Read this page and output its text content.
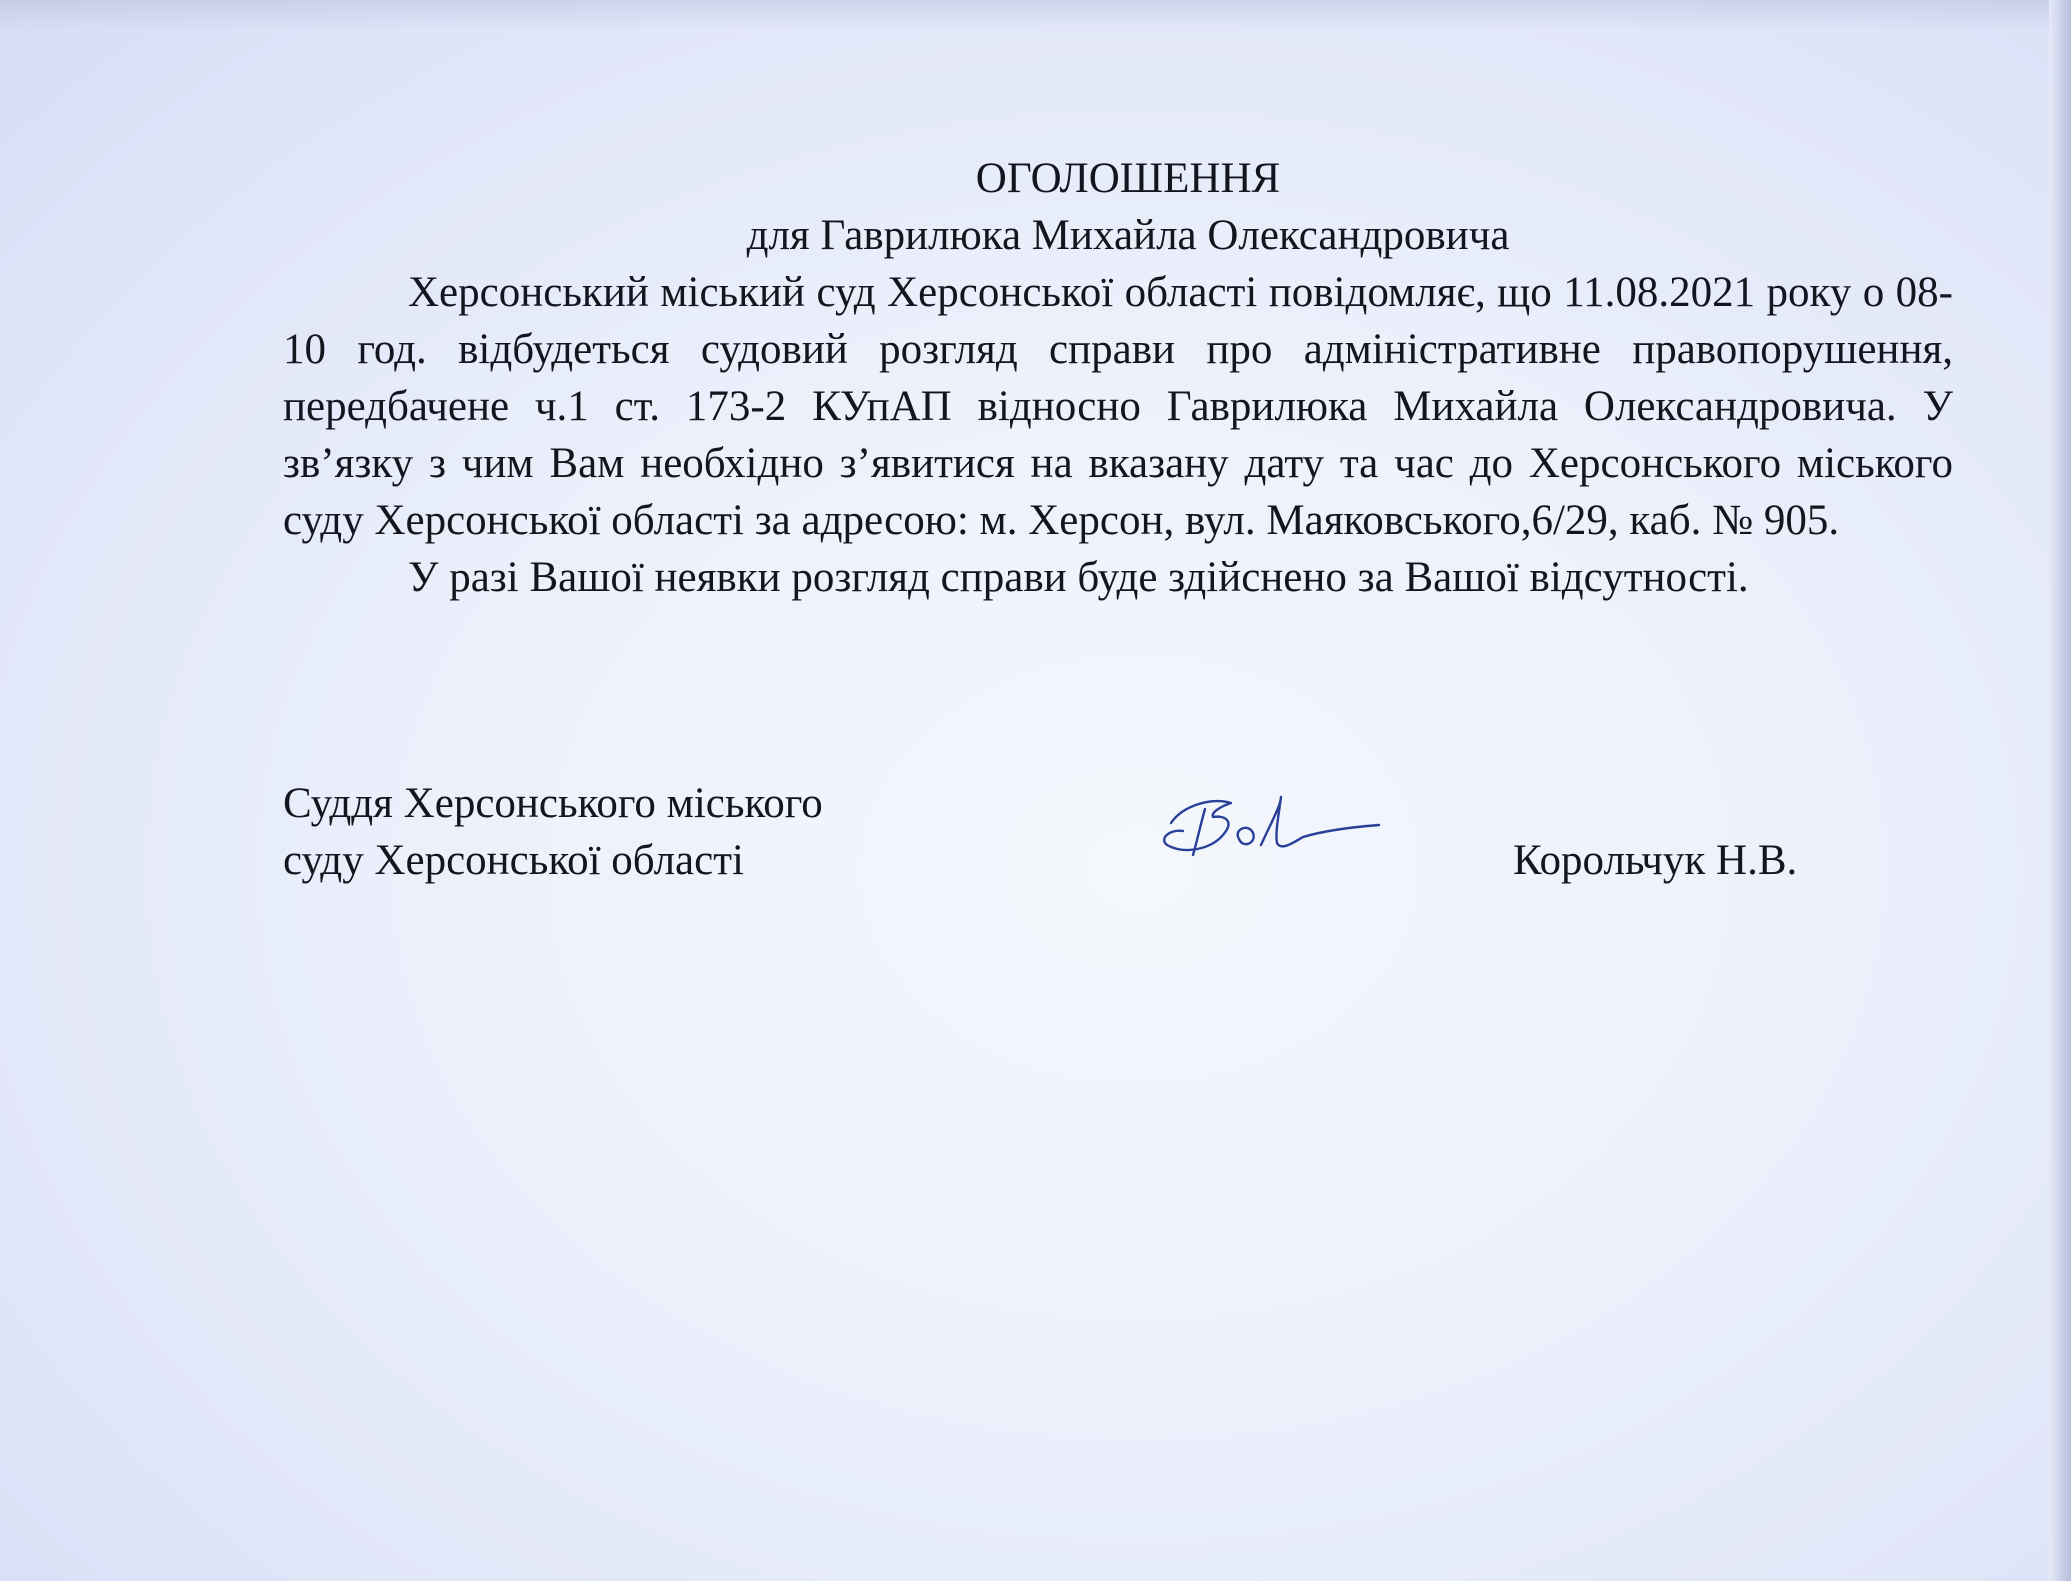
ОГОЛОШЕННЯ

для Гаврилюка Михайла Олександровича

Херсонський міський суд Херсонської області повідомляє, що 11.08.2021 року о 08-10 год. відбудеться судовий розгляд справи про адміністративне правопорушення, передбачене ч.1 ст. 173-2 КУпАП відносно Гаврилюка Михайла Олександровича. У зв’язку з чим Вам необхідно з’явитися на вказану дату та час до Херсонського міського суду Херсонської області за адресою: м. Херсон, вул. Маяковського,6/29, каб. № 905.

У разі Вашої неявки розгляд справи буде здійснено за Вашої відсутності.

Суддя Херсонського міського
суду Херсонської області	Корольчук Н.В.
